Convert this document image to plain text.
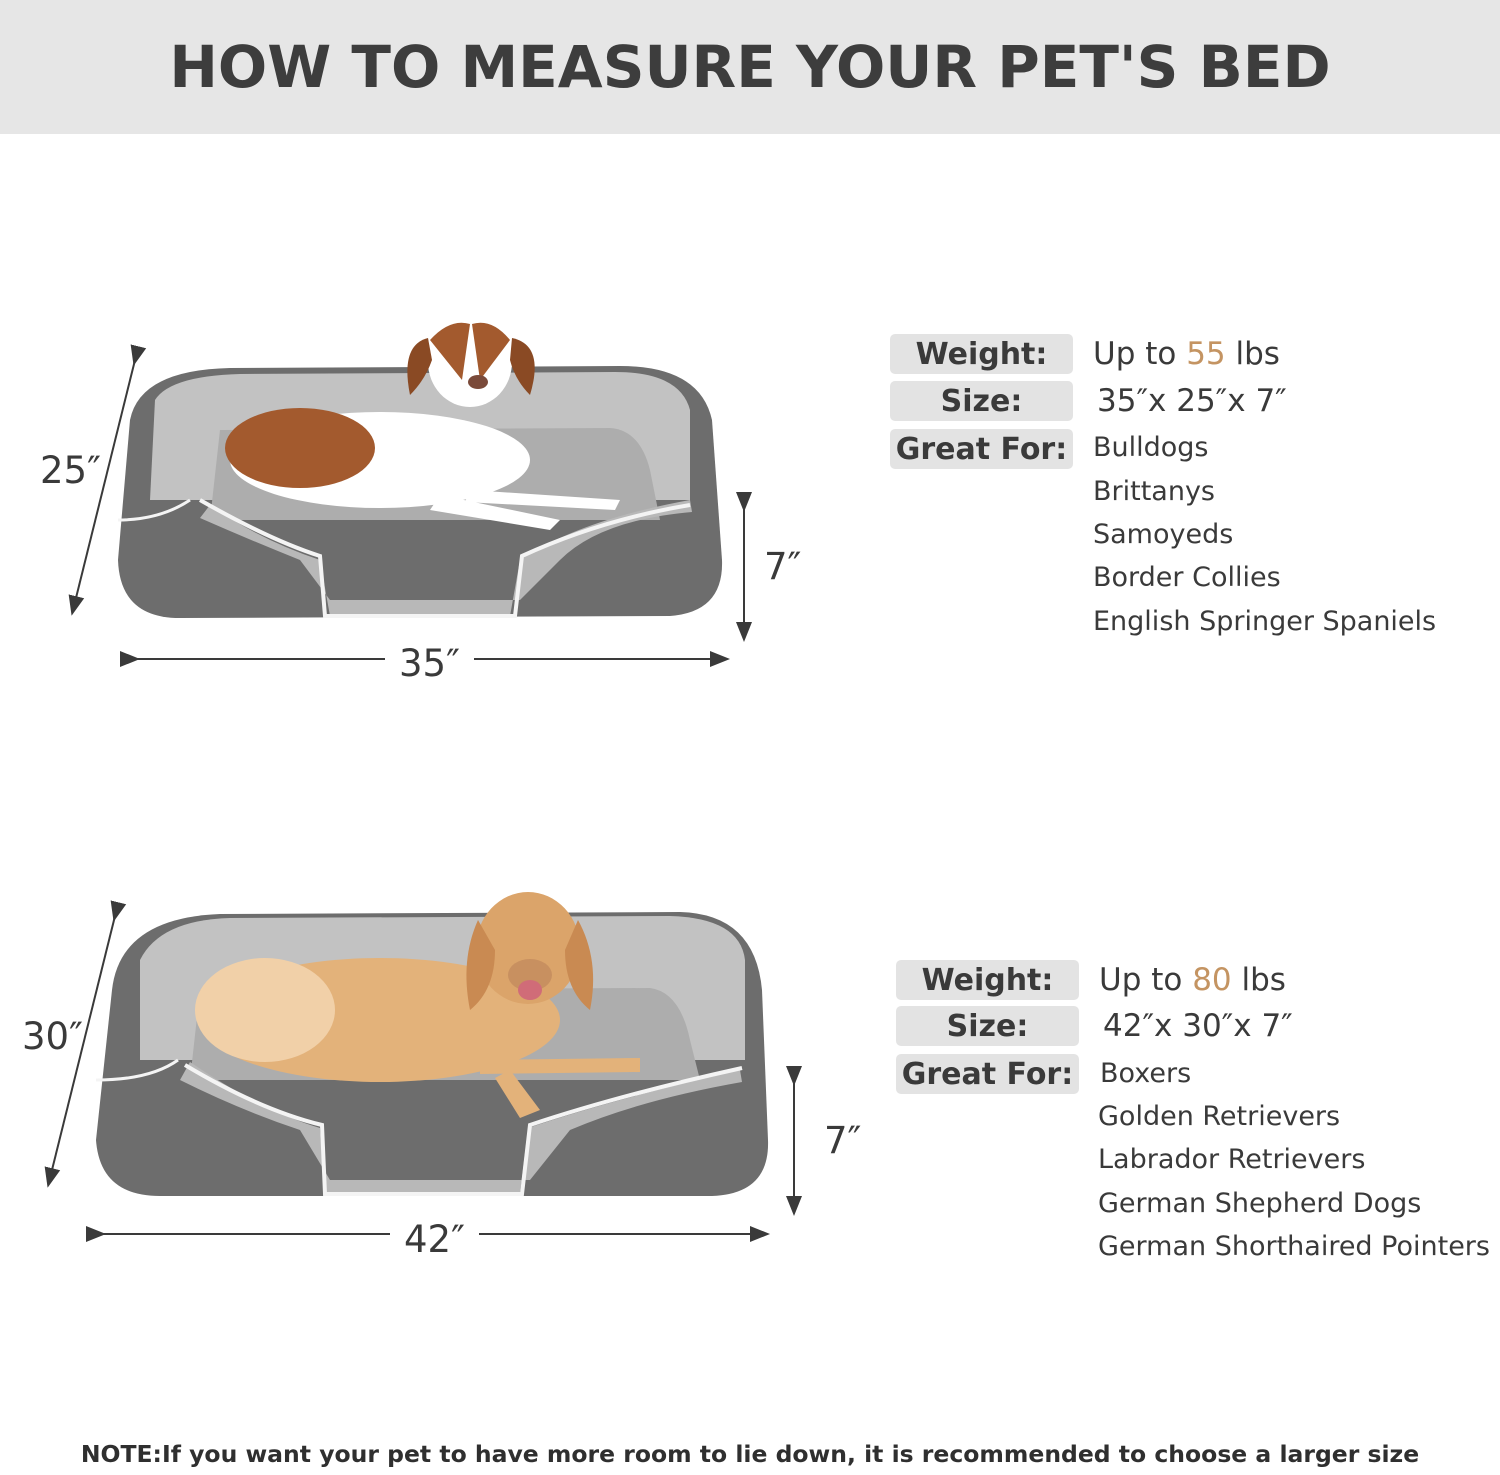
HOW TO MEASURE YOUR PET'S BED
25″
7″
35″
Weight:	Up to 55 lbs
Size:	35″x 25″x 7″
Great For: Bulldogs
Brittanys
Samoyeds
Border Collies
English Springer Spaniels
30″
7″
42″
Weight:	Up to 80 lbs
Size:	42″x 30″x 7″
Great For: Boxers
Golden Retrievers
Labrador Retrievers
German Shepherd Dogs
German Shorthaired Pointers
NOTE:If you want your pet to have more room to lie down, it is recommended to choose a larger size
